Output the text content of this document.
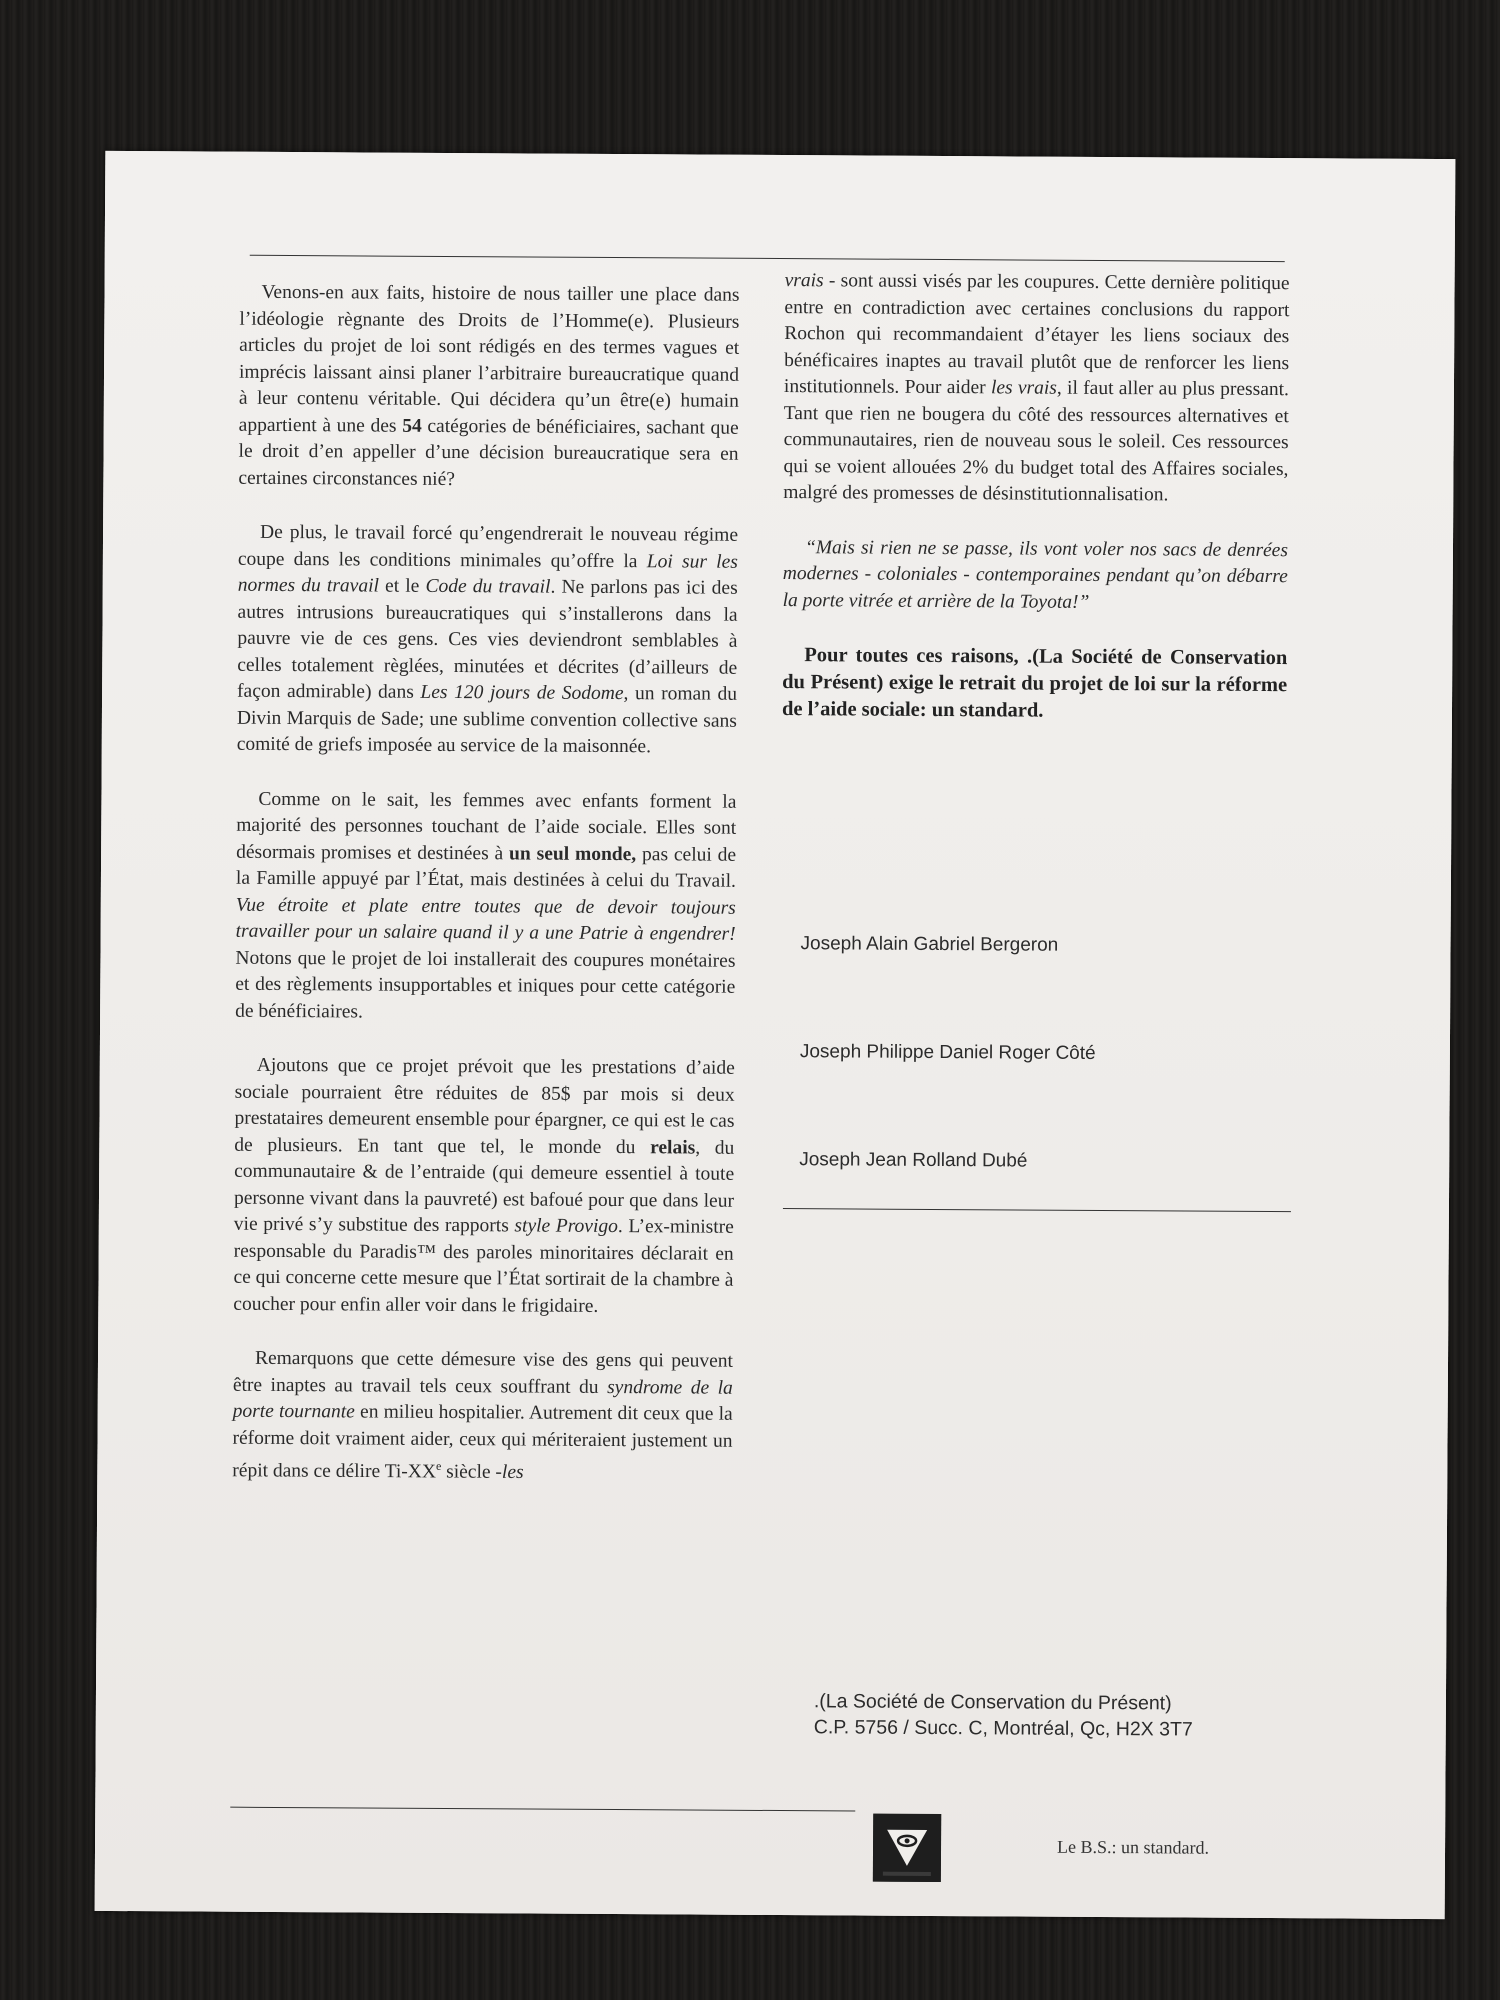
Venons-en aux faits, histoire de nous tailler une place dans l’idéologie règnante des Droits de l’Homme(e). Plusieurs articles du projet de loi sont rédigés en des termes vagues et imprécis laissant ainsi planer l’arbitraire bureaucratique quand à leur contenu véritable. Qui décidera qu’un être(e) humain appartient à une des 54 catégories de bénéficiaires, sachant que le droit d’en appeller d’une décision bureaucratique sera en certaines circonstances nié?

De plus, le travail forcé qu’engendrerait le nouveau régime coupe dans les conditions minimales qu’offre la Loi sur les normes du travail et le Code du travail. Ne parlons pas ici des autres intrusions bureaucratiques qui s’installerons dans la pauvre vie de ces gens. Ces vies deviendront semblables à celles totalement règlées, minutées et décrites (d’ailleurs de façon admirable) dans Les 120 jours de Sodome, un roman du Divin Marquis de Sade; une sublime convention collective sans comité de griefs imposée au service de la maisonnée.

Comme on le sait, les femmes avec enfants forment la majorité des personnes touchant de l’aide sociale. Elles sont désormais promises et destinées à un seul monde, pas celui de la Famille appuyé par l’État, mais destinées à celui du Travail. Vue étroite et plate entre toutes que de devoir toujours travailler pour un salaire quand il y a une Patrie à engendrer! Notons que le projet de loi installerait des coupures monétaires et des règlements insupportables et iniques pour cette catégorie de bénéficiaires.

Ajoutons que ce projet prévoit que les prestations d’aide sociale pourraient être réduites de 85$ par mois si deux prestataires demeurent ensemble pour épargner, ce qui est le cas de plusieurs. En tant que tel, le monde du relais, du communautaire & de l’entraide (qui demeure essentiel à toute personne vivant dans la pauvreté) est bafoué pour que dans leur vie privé s’y substitue des rapports style Provigo. L’ex-ministre responsable du Paradis™ des paroles minoritaires déclarait en ce qui concerne cette mesure que l’État sortirait de la chambre à coucher pour enfin aller voir dans le frigidaire.

Remarquons que cette démesure vise des gens qui peuvent être inaptes au travail tels ceux souffrant du syndrome de la porte tournante en milieu hospitalier. Autrement dit ceux que la réforme doit vraiment aider, ceux qui mériteraient justement un répit dans ce délire Ti-XXe siècle -les

vrais - sont aussi visés par les coupures. Cette dernière politique entre en contradiction avec certaines conclusions du rapport Rochon qui recommandaient d’étayer les liens sociaux des bénéficaires inaptes au travail plutôt que de renforcer les liens institutionnels. Pour aider les vrais, il faut aller au plus pressant. Tant que rien ne bougera du côté des ressources alternatives et communautaires, rien de nouveau sous le soleil. Ces ressources qui se voient allouées 2% du budget total des Affaires sociales, malgré des promesses de désinstitutionnalisation.

“Mais si rien ne se passe, ils vont voler nos sacs de denrées modernes - coloniales - contemporaines pendant qu’on débarre la porte vitrée et arrière de la Toyota!”

Pour toutes ces raisons, .(La Société de Conservation du Présent) exige le retrait du projet de loi sur la réforme de l’aide sociale: un standard.

Joseph Alain Gabriel Bergeron
Joseph Philippe Daniel Roger Côté
Joseph Jean Rolland Dubé
.(La Société de Conservation du Présent)
C.P. 5756 / Succ. C, Montréal, Qc, H2X 3T7
Le B.S.: un standard.
